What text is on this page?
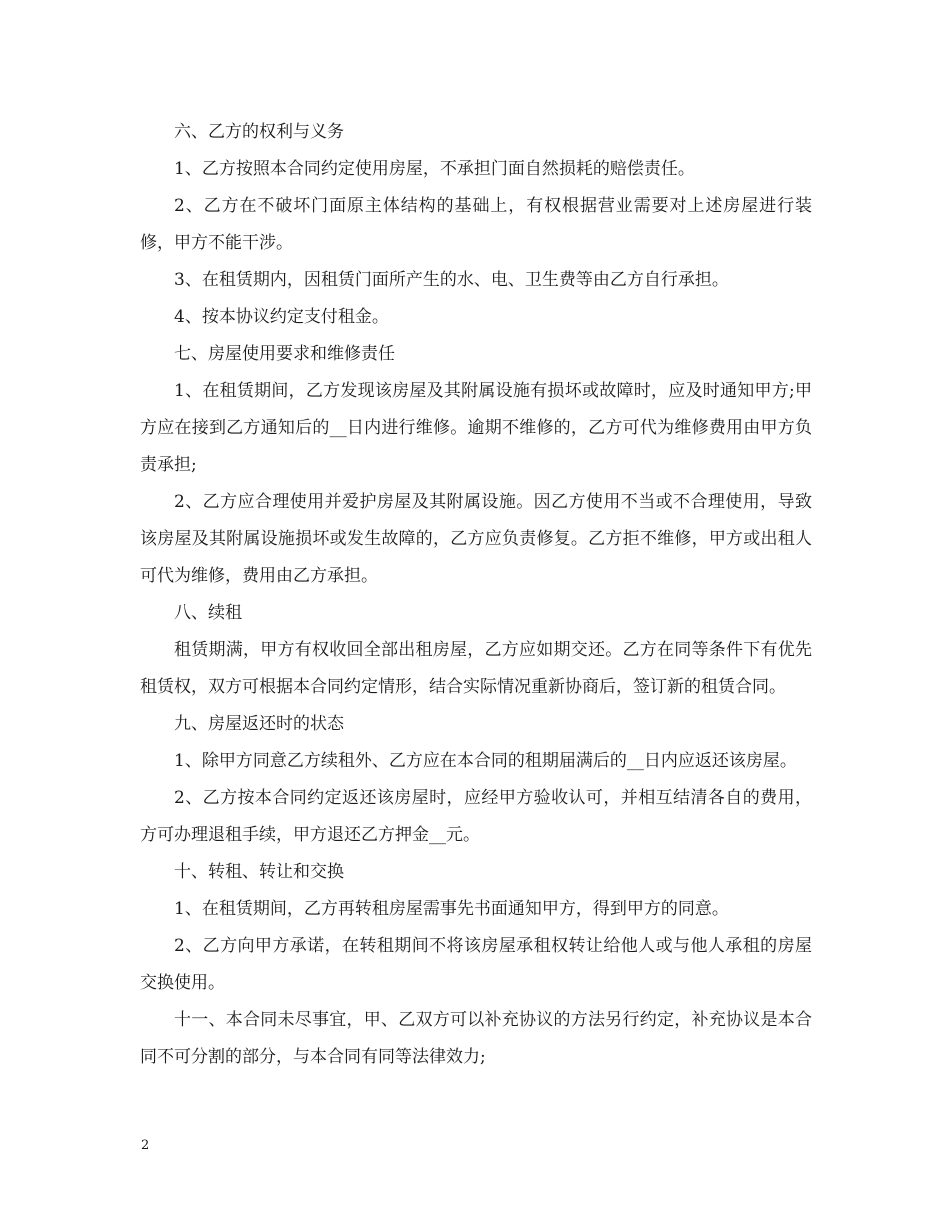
六、乙方的权利与义务

1、乙方按照本合同约定使用房屋，不承担门面自然损耗的赔偿责任。

2、乙方在不破坏门面原主体结构的基础上，有权根据营业需要对上述房屋进行装修，甲方不能干涉。

3、在租赁期内，因租赁门面所产生的水、电、卫生费等由乙方自行承担。

4、按本协议约定支付租金。

七、房屋使用要求和维修责任

1、在租赁期间，乙方发现该房屋及其附属设施有损坏或故障时，应及时通知甲方;甲方应在接到乙方通知后的__日内进行维修。逾期不维修的，乙方可代为维修费用由甲方负责承担;

2、乙方应合理使用并爱护房屋及其附属设施。因乙方使用不当或不合理使用，导致该房屋及其附属设施损坏或发生故障的，乙方应负责修复。乙方拒不维修，甲方或出租人可代为维修，费用由乙方承担。

八、续租

租赁期满，甲方有权收回全部出租房屋，乙方应如期交还。乙方在同等条件下有优先租赁权，双方可根据本合同约定情形，结合实际情况重新协商后，签订新的租赁合同。

九、房屋返还时的状态

1、除甲方同意乙方续租外、乙方应在本合同的租期届满后的__日内应返还该房屋。

2、乙方按本合同约定返还该房屋时，应经甲方验收认可，并相互结清各自的费用，方可办理退租手续，甲方退还乙方押金__元。

十、转租、转让和交换

1、在租赁期间，乙方再转租房屋需事先书面通知甲方，得到甲方的同意。

2、乙方向甲方承诺，在转租期间不将该房屋承租权转让给他人或与他人承租的房屋交换使用。

十一、本合同未尽事宜，甲、乙双方可以补充协议的方法另行约定，补充协议是本合同不可分割的部分，与本合同有同等法律效力;

2
